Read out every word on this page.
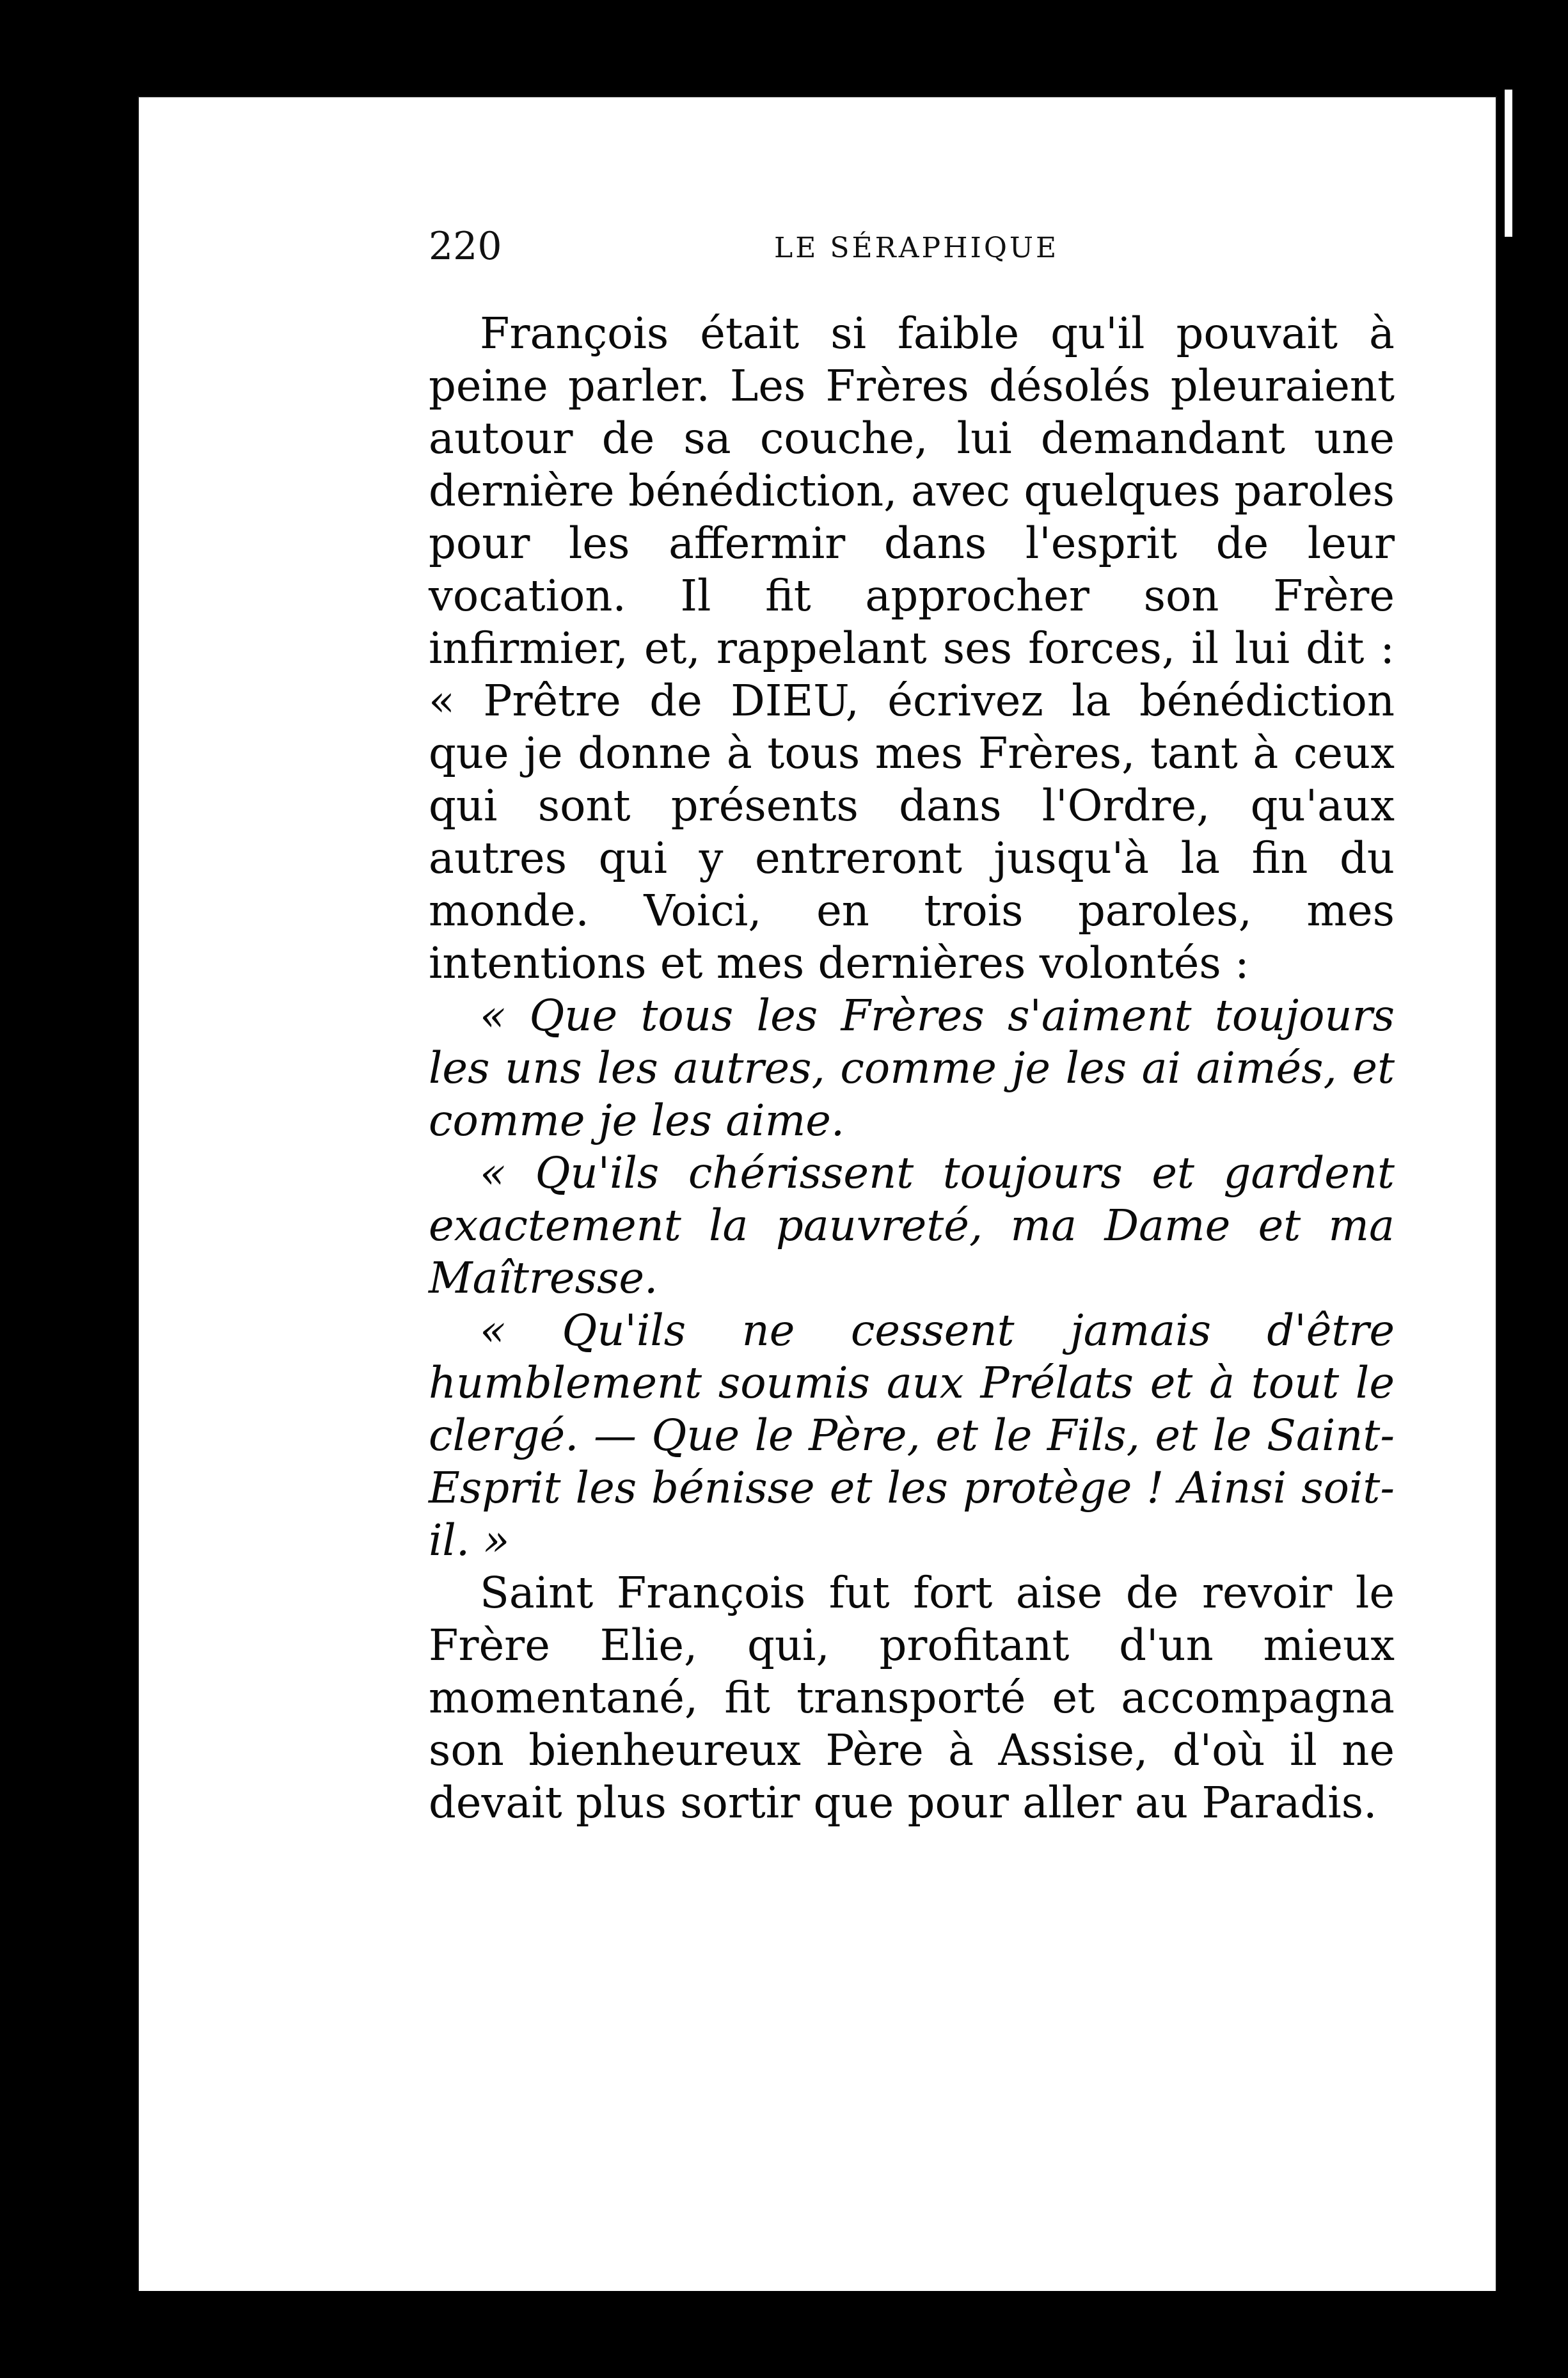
220	LE SÉRAPHIQUE

François était si faible qu'il pouvait à peine parler. Les Frères désolés pleuraient autour de sa couche, lui demandant une dernière bénédiction, avec quelques paroles pour les affermir dans l'esprit de leur vocation. Il fit approcher son Frère infirmier, et, rappelant ses forces, il lui dit : « Prêtre de DIEU, écrivez la bénédiction que je donne à tous mes Frères, tant à ceux qui sont présents dans l'Ordre, qu'aux autres qui y entreront jusqu'à la fin du monde. Voici, en trois paroles, mes intentions et mes dernières volontés :

« Que tous les Frères s'aiment toujours les uns les autres, comme je les ai aimés, et comme je les aime.

« Qu'ils chérissent toujours et gardent exactement la pauvreté, ma Dame et ma Maîtresse.

« Qu'ils ne cessent jamais d'être humblement soumis aux Prélats et à tout le clergé. — Que le Père, et le Fils, et le Saint-Esprit les bénisse et les protège ! Ainsi soit-il. »

Saint François fut fort aise de revoir le Frère Elie, qui, profitant d'un mieux momentané, fit transporté et accompagna son bienheureux Père à Assise, d'où il ne devait plus sortir que pour aller au Paradis.
